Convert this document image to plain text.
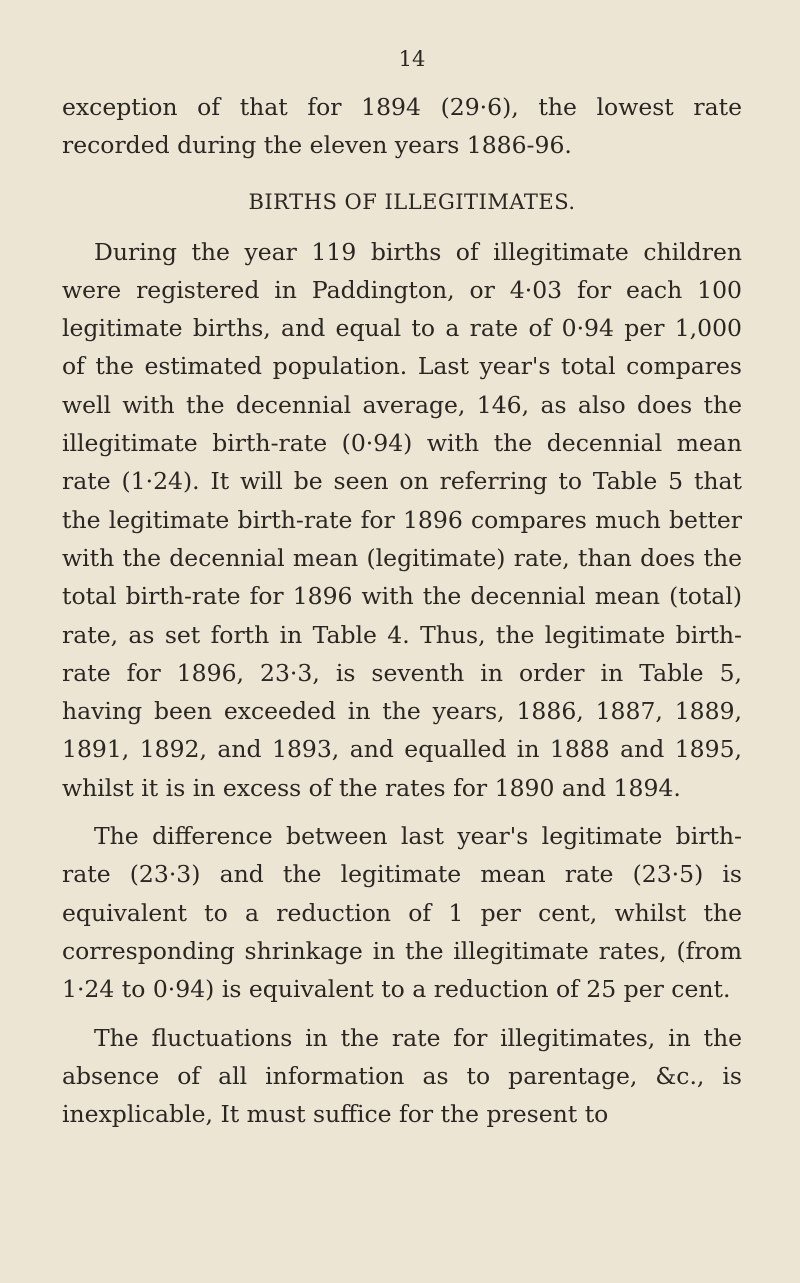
14

exception of that for 1894 (29·6), the lowest rate recorded during the eleven years 1886-96.

BIRTHS OF ILLEGITIMATES.

During the year 119 births of illegitimate children were registered in Paddington, or 4·03 for each 100 legitimate births, and equal to a rate of 0·94 per 1,000 of the estimated population. Last year's total compares well with the decennial average, 146, as also does the illegitimate birth-rate (0·94) with the decennial mean rate (1·24). It will be seen on referring to Table 5 that the legitimate birth-rate for 1896 compares much better with the decennial mean (legitimate) rate, than does the total birth-rate for 1896 with the decennial mean (total) rate, as set forth in Table 4. Thus, the legitimate birth-rate for 1896, 23·3, is seventh in order in Table 5, having been exceeded in the years, 1886, 1887, 1889, 1891, 1892, and 1893, and equalled in 1888 and 1895, whilst it is in excess of the rates for 1890 and 1894.

The difference between last year's legitimate birth-rate (23·3) and the legitimate mean rate (23·5) is equivalent to a reduction of 1 per cent, whilst the corresponding shrinkage in the illegitimate rates, (from 1·24 to 0·94) is equivalent to a reduction of 25 per cent.

The fluctuations in the rate for illegitimates, in the absence of all information as to parentage, &c., is inexplicable, It must suffice for the present to
